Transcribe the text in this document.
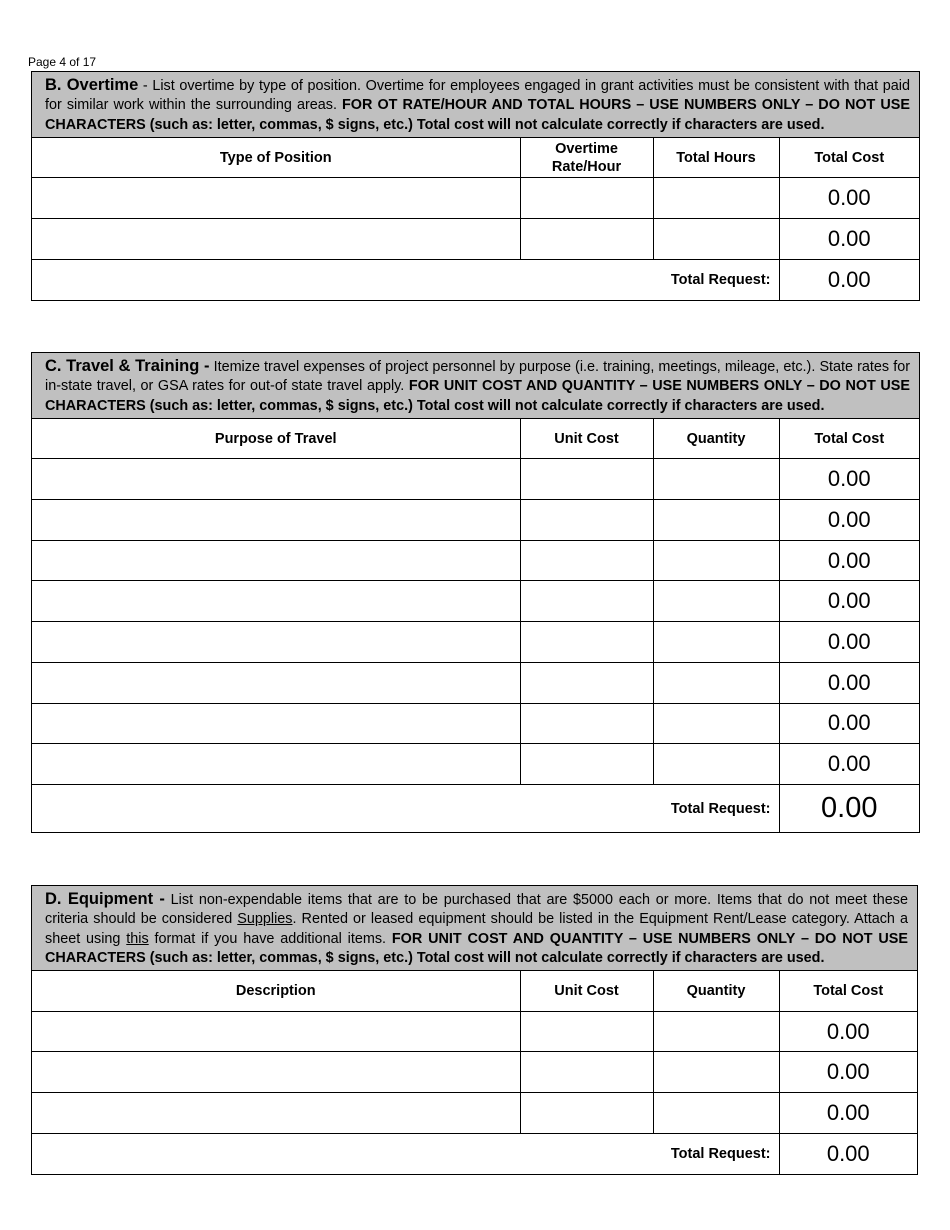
Page 4 of 17
B. Overtime - List overtime by type of position. Overtime for employees engaged in grant activities must be consistent with that paid for similar work within the surrounding areas. FOR OT RATE/HOUR AND TOTAL HOURS – USE NUMBERS ONLY – DO NOT USE CHARACTERS (such as: letter, commas, $ signs, etc.) Total cost will not calculate correctly if characters are used.
Type of Position	Overtime Rate/Hour	Total Hours	Total Cost
			0.00
			0.00
Total Request:			0.00
C. Travel & Training - Itemize travel expenses of project personnel by purpose (i.e. training, meetings, mileage, etc.). State rates for in-state travel, or GSA rates for out-of state travel apply. FOR UNIT COST AND QUANTITY – USE NUMBERS ONLY – DO NOT USE CHARACTERS (such as: letter, commas, $ signs, etc.) Total cost will not calculate correctly if characters are used.
Purpose of Travel	Unit Cost	Quantity	Total Cost
			0.00
			0.00
			0.00
			0.00
			0.00
			0.00
			0.00
			0.00
Total Request:			0.00
D. Equipment - List non-expendable items that are to be purchased that are $5000 each or more. Items that do not meet these criteria should be considered Supplies. Rented or leased equipment should be listed in the Equipment Rent/Lease category. Attach a sheet using this format if you have additional items. FOR UNIT COST AND QUANTITY – USE NUMBERS ONLY – DO NOT USE CHARACTERS (such as: letter, commas, $ signs, etc.) Total cost will not calculate correctly if characters are used.
Description	Unit Cost	Quantity	Total Cost
			0.00
			0.00
			0.00
Total Request:			0.00
